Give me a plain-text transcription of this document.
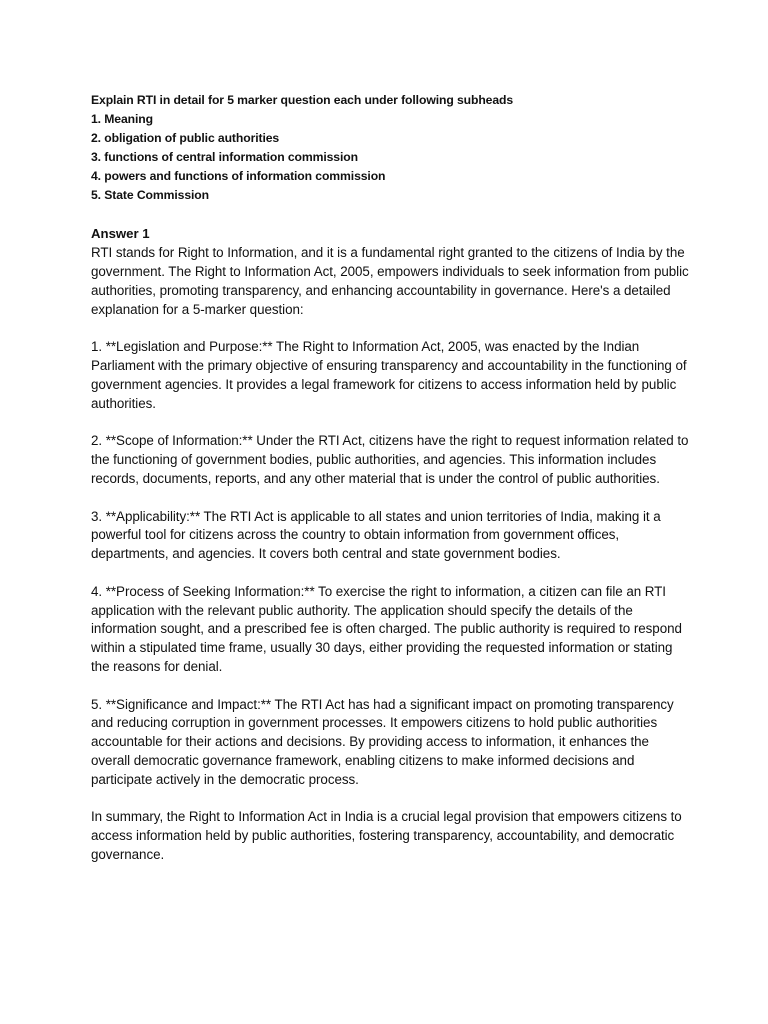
Explain RTI in detail for 5 marker question each under following subheads

1. Meaning

2. obligation of public authorities

3. functions of central information commission

4. powers and functions of information commission

5. State Commission

Answer 1

RTI stands for Right to Information, and it is a fundamental right granted to the citizens of India by the government. The Right to Information Act, 2005, empowers individuals to seek information from public authorities, promoting transparency, and enhancing accountability in governance. Here's a detailed explanation for a 5-marker question:

1. **Legislation and Purpose:** The Right to Information Act, 2005, was enacted by the Indian Parliament with the primary objective of ensuring transparency and accountability in the functioning of government agencies. It provides a legal framework for citizens to access information held by public authorities.

2. **Scope of Information:** Under the RTI Act, citizens have the right to request information related to the functioning of government bodies, public authorities, and agencies. This information includes records, documents, reports, and any other material that is under the control of public authorities.

3. **Applicability:** The RTI Act is applicable to all states and union territories of India, making it a powerful tool for citizens across the country to obtain information from government offices, departments, and agencies. It covers both central and state government bodies.

4. **Process of Seeking Information:** To exercise the right to information, a citizen can file an RTI application with the relevant public authority. The application should specify the details of the information sought, and a prescribed fee is often charged. The public authority is required to respond within a stipulated time frame, usually 30 days, either providing the requested information or stating the reasons for denial.

5. **Significance and Impact:** The RTI Act has had a significant impact on promoting transparency and reducing corruption in government processes. It empowers citizens to hold public authorities accountable for their actions and decisions. By providing access to information, it enhances the overall democratic governance framework, enabling citizens to make informed decisions and participate actively in the democratic process.

In summary, the Right to Information Act in India is a crucial legal provision that empowers citizens to access information held by public authorities, fostering transparency, accountability, and democratic governance.
